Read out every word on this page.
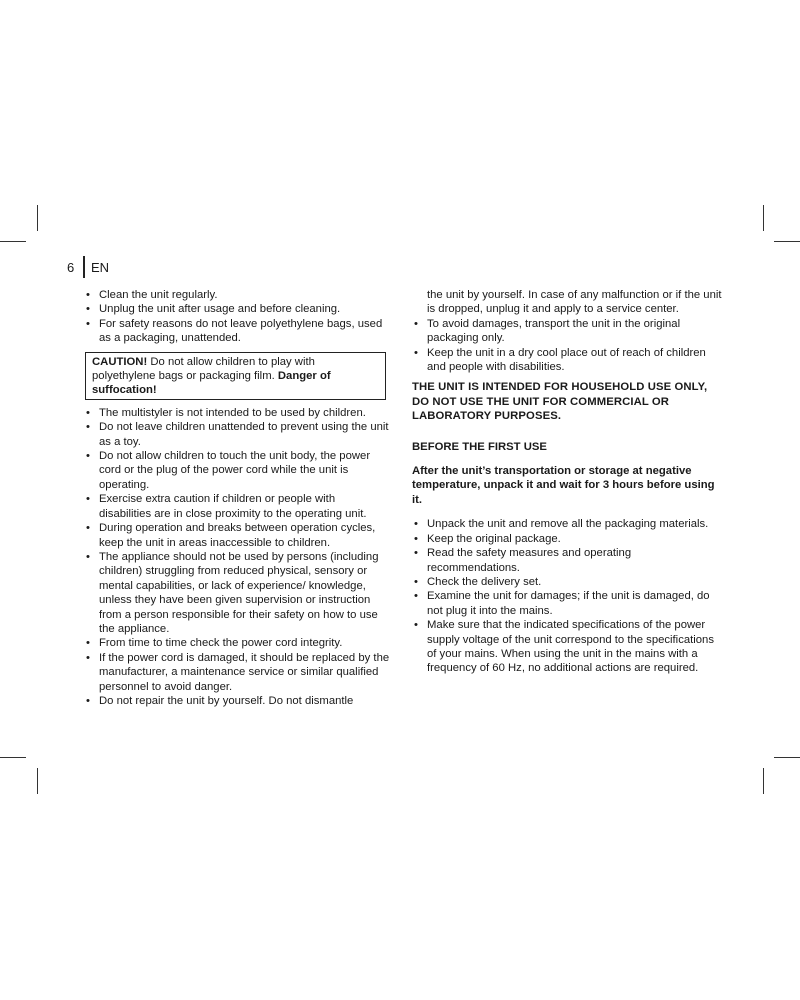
6	EN
• Clean the unit regularly.
• Unplug the unit after usage and before cleaning.
• For safety reasons do not leave polyethylene bags, used as a packaging, unattended.
CAUTION! Do not allow children to play with polyethylene bags or packaging film. Danger of suffocation!
• The multistyler is not intended to be used by children.
• Do not leave children unattended to prevent using the unit as a toy.
• Do not allow children to touch the unit body, the power cord or the plug of the power cord while the unit is operating.
• Exercise extra caution if children or people with disabilities are in close proximity to the operating unit.
• During operation and breaks between operation cycles, keep the unit in areas inaccessible to children.
• The appliance should not be used by persons (including children) struggling from reduced physical, sensory or mental capabilities, or lack of experience/ knowledge, unless they have been given supervision or instruction from a person responsible for their safety on how to use the appliance.
• From time to time check the power cord integrity.
• If the power cord is damaged, it should be replaced by the manufacturer, a maintenance service or similar qualified personnel to avoid danger.
• Do not repair the unit by yourself. Do not dismantle
the unit by yourself. In case of any malfunction or if the unit is dropped, unplug it and apply to a service center.
• To avoid damages, transport the unit in the original packaging only.
• Keep the unit in a dry cool place out of reach of children and people with disabilities.
THE UNIT IS INTENDED FOR HOUSEHOLD USE ONLY, DO NOT USE THE UNIT FOR COMMERCIAL OR LABORATORY PURPOSES.
BEFORE THE FIRST USE
After the unit’s transportation or storage at negative temperature, unpack it and wait for 3 hours before using it.
• Unpack the unit and remove all the packaging materials.
• Keep the original package.
• Read the safety measures and operating recommendations.
• Check the delivery set.
• Examine the unit for damages; if the unit is damaged, do not plug it into the mains.
• Make sure that the indicated specifications of the power supply voltage of the unit correspond to the specifications of your mains. When using the unit in the mains with a frequency of 60 Hz, no additional actions are required.
